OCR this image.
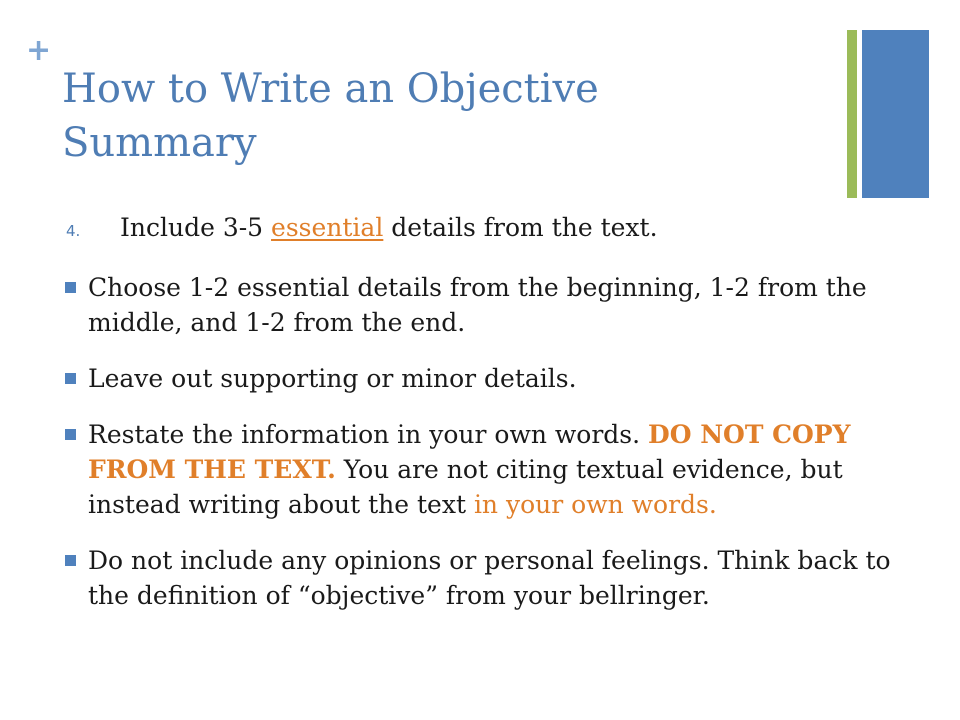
+
How to Write an Objective Summary
4.	Include 3-5 essential details from the text.
Choose 1-2 essential details from the beginning, 1-2 from the middle, and 1-2 from the end.
Leave out supporting or minor details.
Restate the information in your own words. DO NOT COPY FROM THE TEXT. You are not citing textual evidence, but instead writing about the text in your own words.
Do not include any opinions or personal feelings. Think back to the definition of “objective” from your bellringer.
